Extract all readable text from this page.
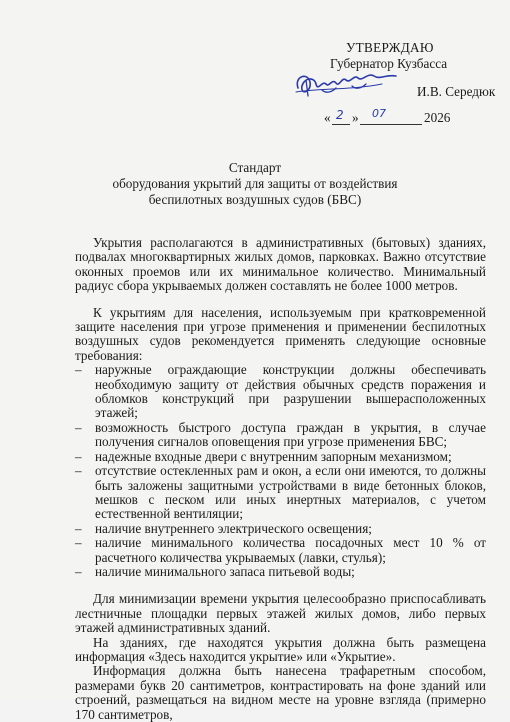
УТВЕРЖДАЮ
Губернатор Кузбасса
И.В. Середюк
« 2 » 07	2026
Стандарт
оборудования укрытий для защиты от воздействия
беспилотных воздушных судов (БВС)

Укрытия располагаются в административных (бытовых) зданиях, подвалах многоквартирных жилых домов, парковках. Важно отсутствие оконных проемов или их минимальное количество. Минимальный радиус сбора укрываемых должен составлять не более 1000 метров.

К укрытиям для населения, используемым при кратковременной защите населения при угрозе применения и применении беспилотных воздушных судов рекомендуется применять следующие основные требования:

– наружные ограждающие конструкции должны обеспечивать необходимую защиту от действия обычных средств поражения и обломков конструкций при разрушении вышерасположенных этажей;
– возможность быстрого доступа граждан в укрытия, в случае получения сигналов оповещения при угрозе применения БВС;
– надежные входные двери с внутренним запорным механизмом;
– отсутствие остекленных рам и окон, а если они имеются, то должны быть заложены защитными устройствами в виде бетонных блоков, мешков с песком или иных инертных материалов, с учетом естественной вентиляции;
– наличие внутреннего электрического освещения;
– наличие минимального количества посадочных мест 10 % от расчетного количества укрываемых (лавки, стулья);
– наличие минимального запаса питьевой воды;

Для минимизации времени укрытия целесообразно приспосабливать лестничные площадки первых этажей жилых домов, либо первых этажей административных зданий.

На зданиях, где находятся укрытия должна быть размещена информация «Здесь находится укрытие» или «Укрытие».

Информация должна быть нанесена трафаретным способом, размерами букв 20 сантиметров, контрастировать на фоне зданий или строений, размещаться на видном месте на уровне взгляда (примерно 170 сантиметров,
